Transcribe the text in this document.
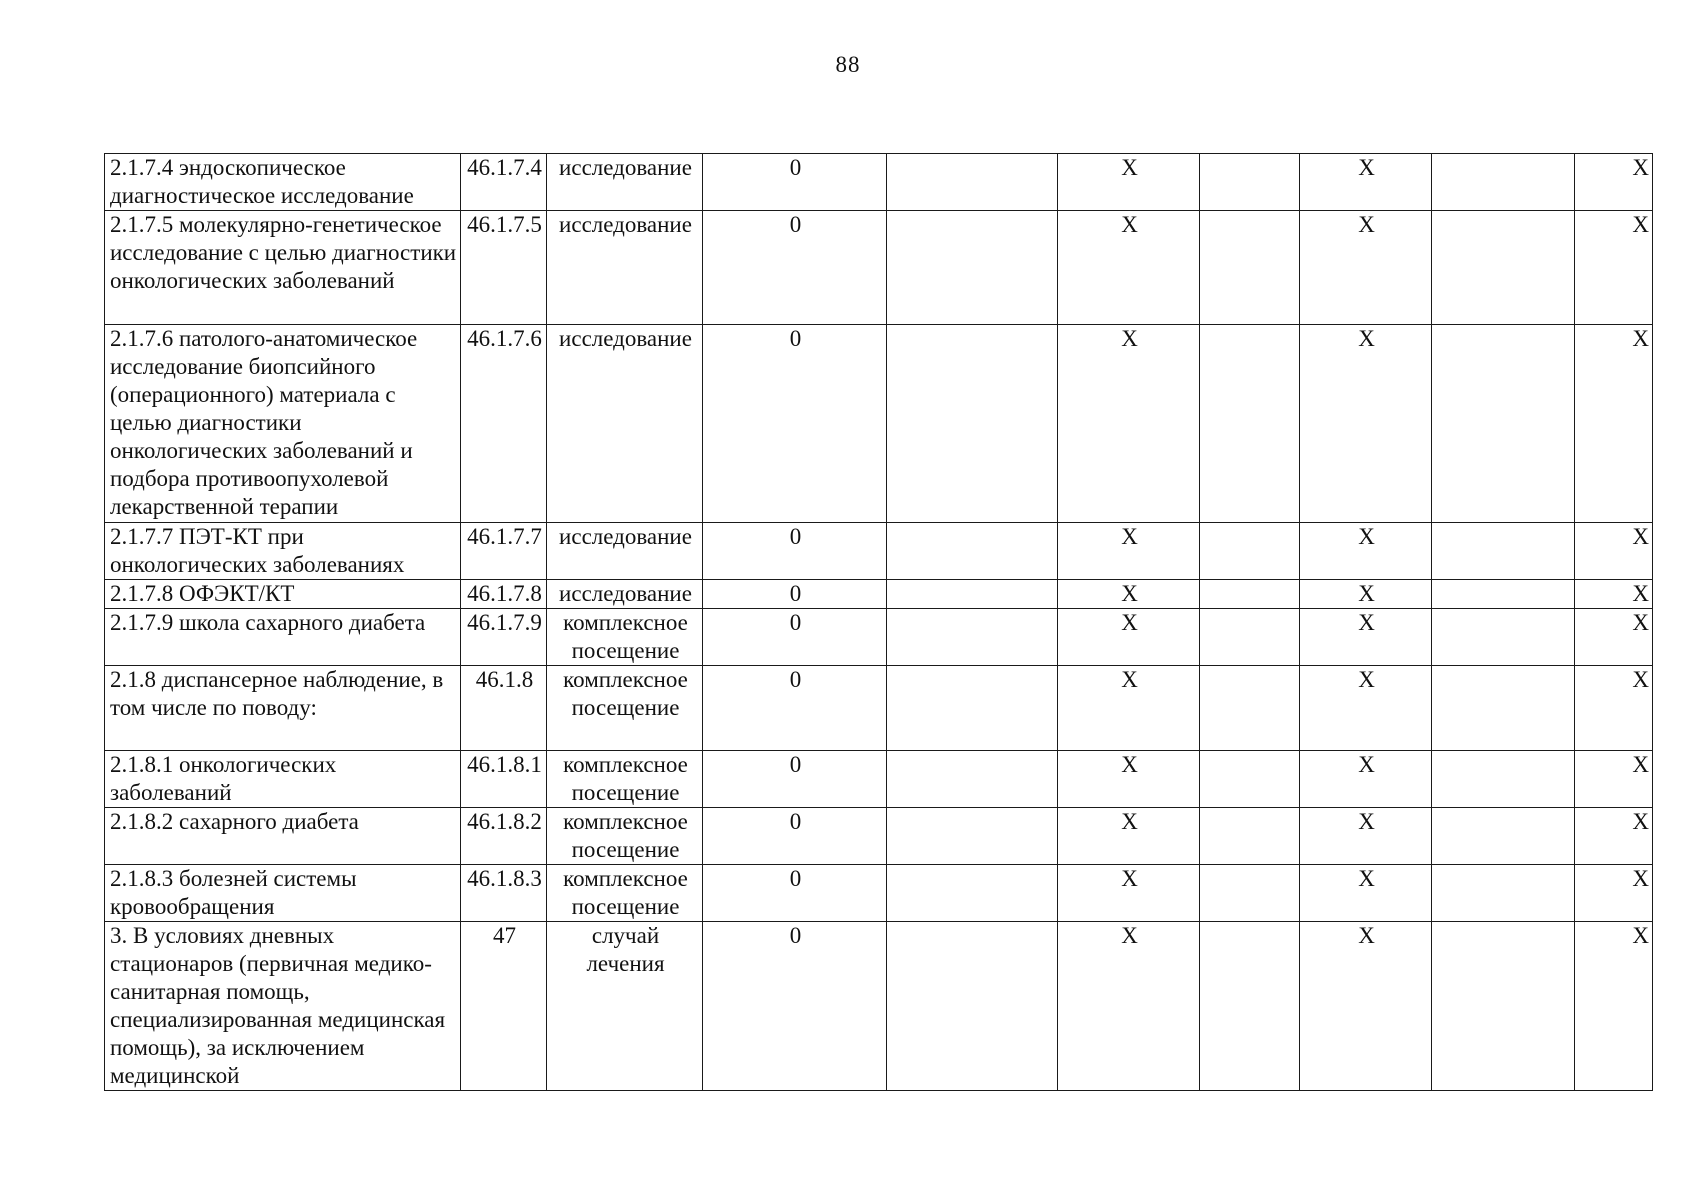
88
2.1.7.4 эндоскопическое диагностическое исследование	46.1.7.4	исследование	0		X		X		X
2.1.7.5 молекулярно-генетическое исследование с целью диагностики онкологических заболеваний	46.1.7.5	исследование	0		X		X		X
2.1.7.6 патолого-анатомическое исследование биопсийного (операционного) материала с целью диагностики онкологических заболеваний и подбора противоопухолевой лекарственной терапии	46.1.7.6	исследование	0		X		X		X
2.1.7.7 ПЭТ-КТ при онкологических заболеваниях	46.1.7.7	исследование	0		X		X		X
2.1.7.8 ОФЭКТ/КТ	46.1.7.8	исследование	0		X		X		X
2.1.7.9 школа сахарного диабета	46.1.7.9	комплексное посещение	0		X		X		X
2.1.8 диспансерное наблюдение, в том числе по поводу:	46.1.8	комплексное посещение	0		X		X		X
2.1.8.1 онкологических заболеваний	46.1.8.1	комплексное посещение	0		X		X		X
2.1.8.2 сахарного диабета	46.1.8.2	комплексное посещение	0		X		X		X
2.1.8.3 болезней системы кровообращения	46.1.8.3	комплексное посещение	0		X		X		X
3. В условиях дневных стационаров (первичная медико-санитарная помощь, специализированная медицинская помощь), за исключением медицинской	47	случай лечения	0		X		X		X
